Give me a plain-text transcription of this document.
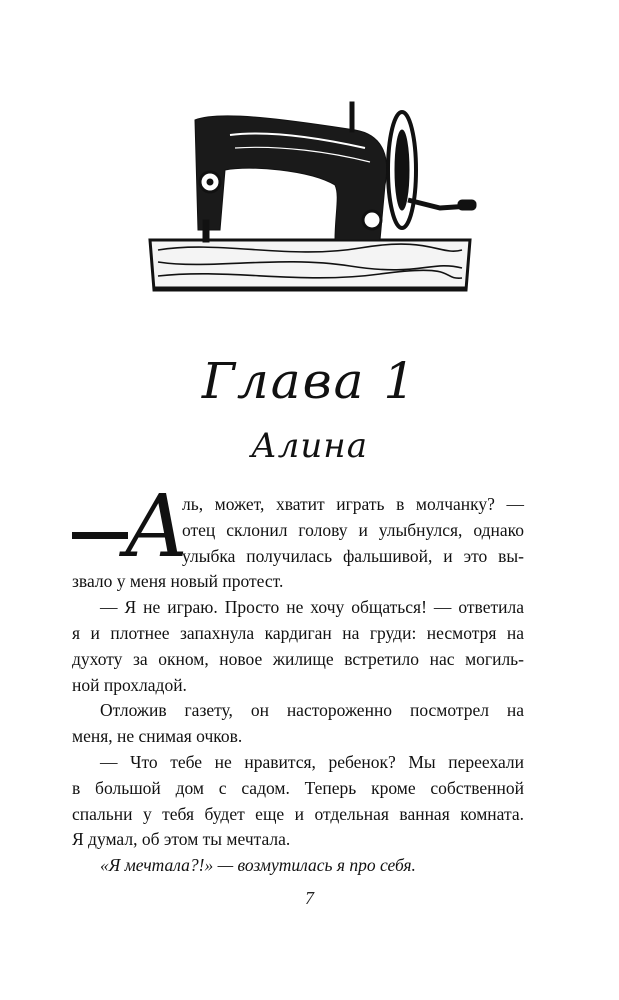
Глава 1
Алина
А
ль, может, хватит играть в молчанку? —
отец склонил голову и улыбнулся, однако
улыбка получилась фальшивой, и это вы-
звало у меня новый протест.
— Я не играю. Просто не хочу общаться! — ответила
я и плотнее запахнула кардиган на груди: несмотря на
духоту за окном, новое жилище встретило нас могиль-
ной прохладой.
Отложив газету, он настороженно посмотрел на
меня, не снимая очков.
— Что тебе не нравится, ребенок? Мы переехали
в большой дом с садом. Теперь кроме собственной
спальни у тебя будет еще и отдельная ванная комната.
Я думал, об этом ты мечтала.
«Я мечтала?!» — возмутилась я про себя.
7
